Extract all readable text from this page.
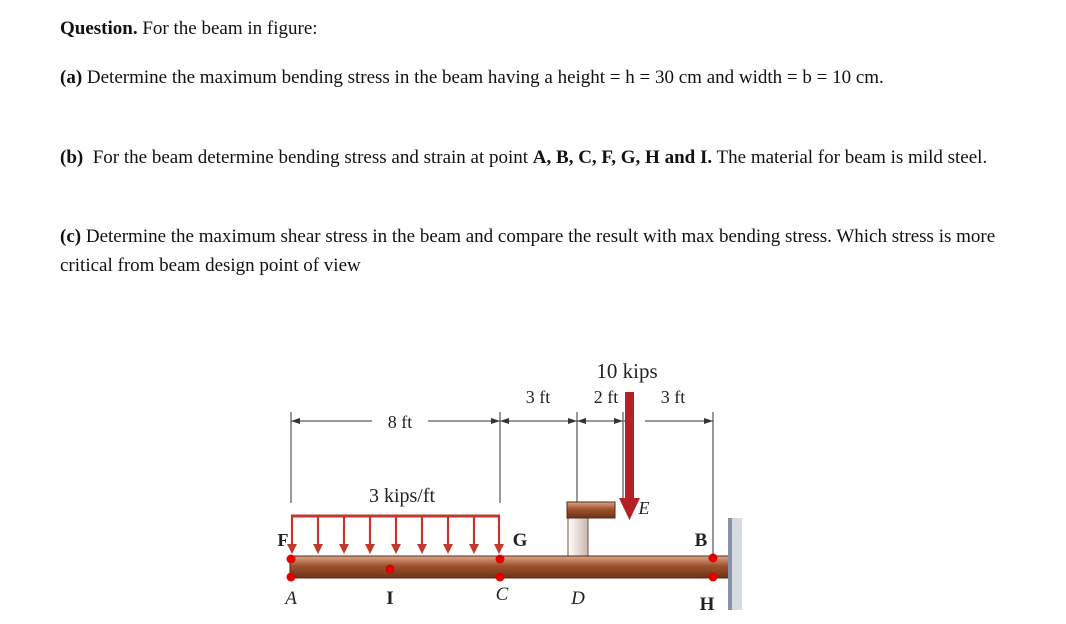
Question. For the beam in figure:

(a) Determine the maximum bending stress in the beam having a height = h = 30 cm and width = b = 10 cm.

(b) For the beam determine bending stress and strain at point A, B, C, F, G, H and I. The material for beam is mild steel.

(c) Determine the maximum shear stress in the beam and compare the result with max bending stress. Which stress is more critical from beam design point of view

8 ft
3 ft 2 ft 3 ft
10 kips
3 kips/ft
A	I	C	D
E
F	G	B
H
